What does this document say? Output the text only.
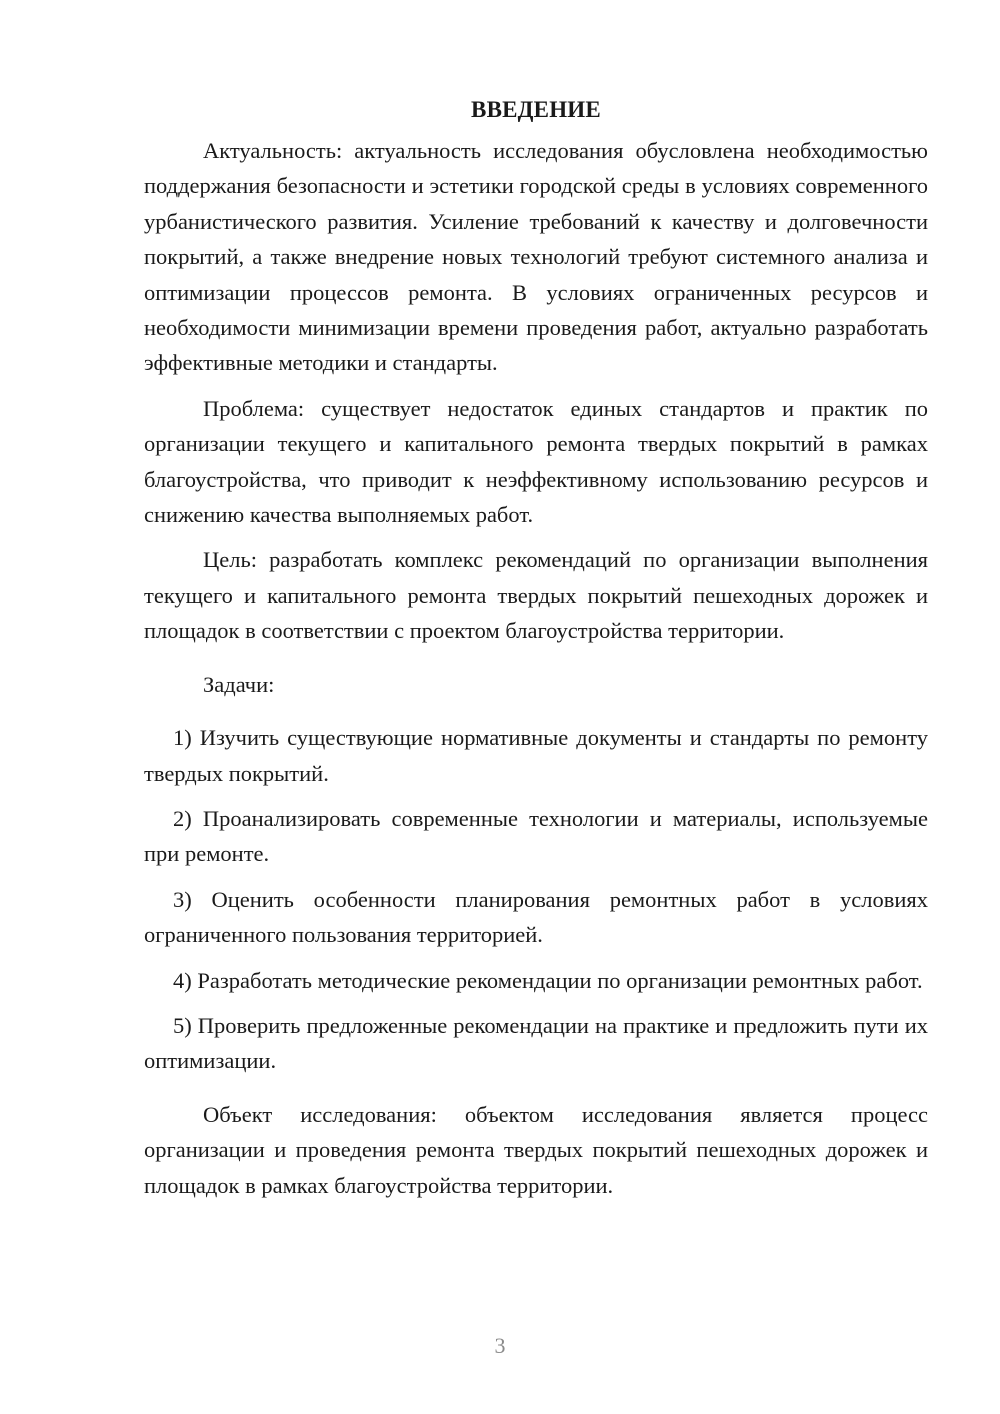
ВВЕДЕНИЕ

Актуальность: актуальность исследования обусловлена необходимостью поддержания безопасности и эстетики городской среды в условиях современного урбанистического развития. Усиление требований к качеству и долговечности покрытий, а также внедрение новых технологий требуют системного анализа и оптимизации процессов ремонта. В условиях ограниченных ресурсов и необходимости минимизации времени проведения работ, актуально разработать эффективные методики и стандарты.

Проблема: существует недостаток единых стандартов и практик по организации текущего и капитального ремонта твердых покрытий в рамках благоустройства, что приводит к неэффективному использованию ресурсов и снижению качества выполняемых работ.

Цель: разработать комплекс рекомендаций по организации выполнения текущего и капитального ремонта твердых покрытий пешеходных дорожек и площадок в соответствии с проектом благоустройства территории.

Задачи:

1) Изучить существующие нормативные документы и стандарты по ремонту твердых покрытий.

2) Проанализировать современные технологии и материалы, используемые при ремонте.

3) Оценить особенности планирования ремонтных работ в условиях ограниченного пользования территорией.

4) Разработать методические рекомендации по организации ремонтных работ.

5) Проверить предложенные рекомендации на практике и предложить пути их оптимизации.

Объект исследования: объектом исследования является процесс организации и проведения ремонта твердых покрытий пешеходных дорожек и площадок в рамках благоустройства территории.

3
